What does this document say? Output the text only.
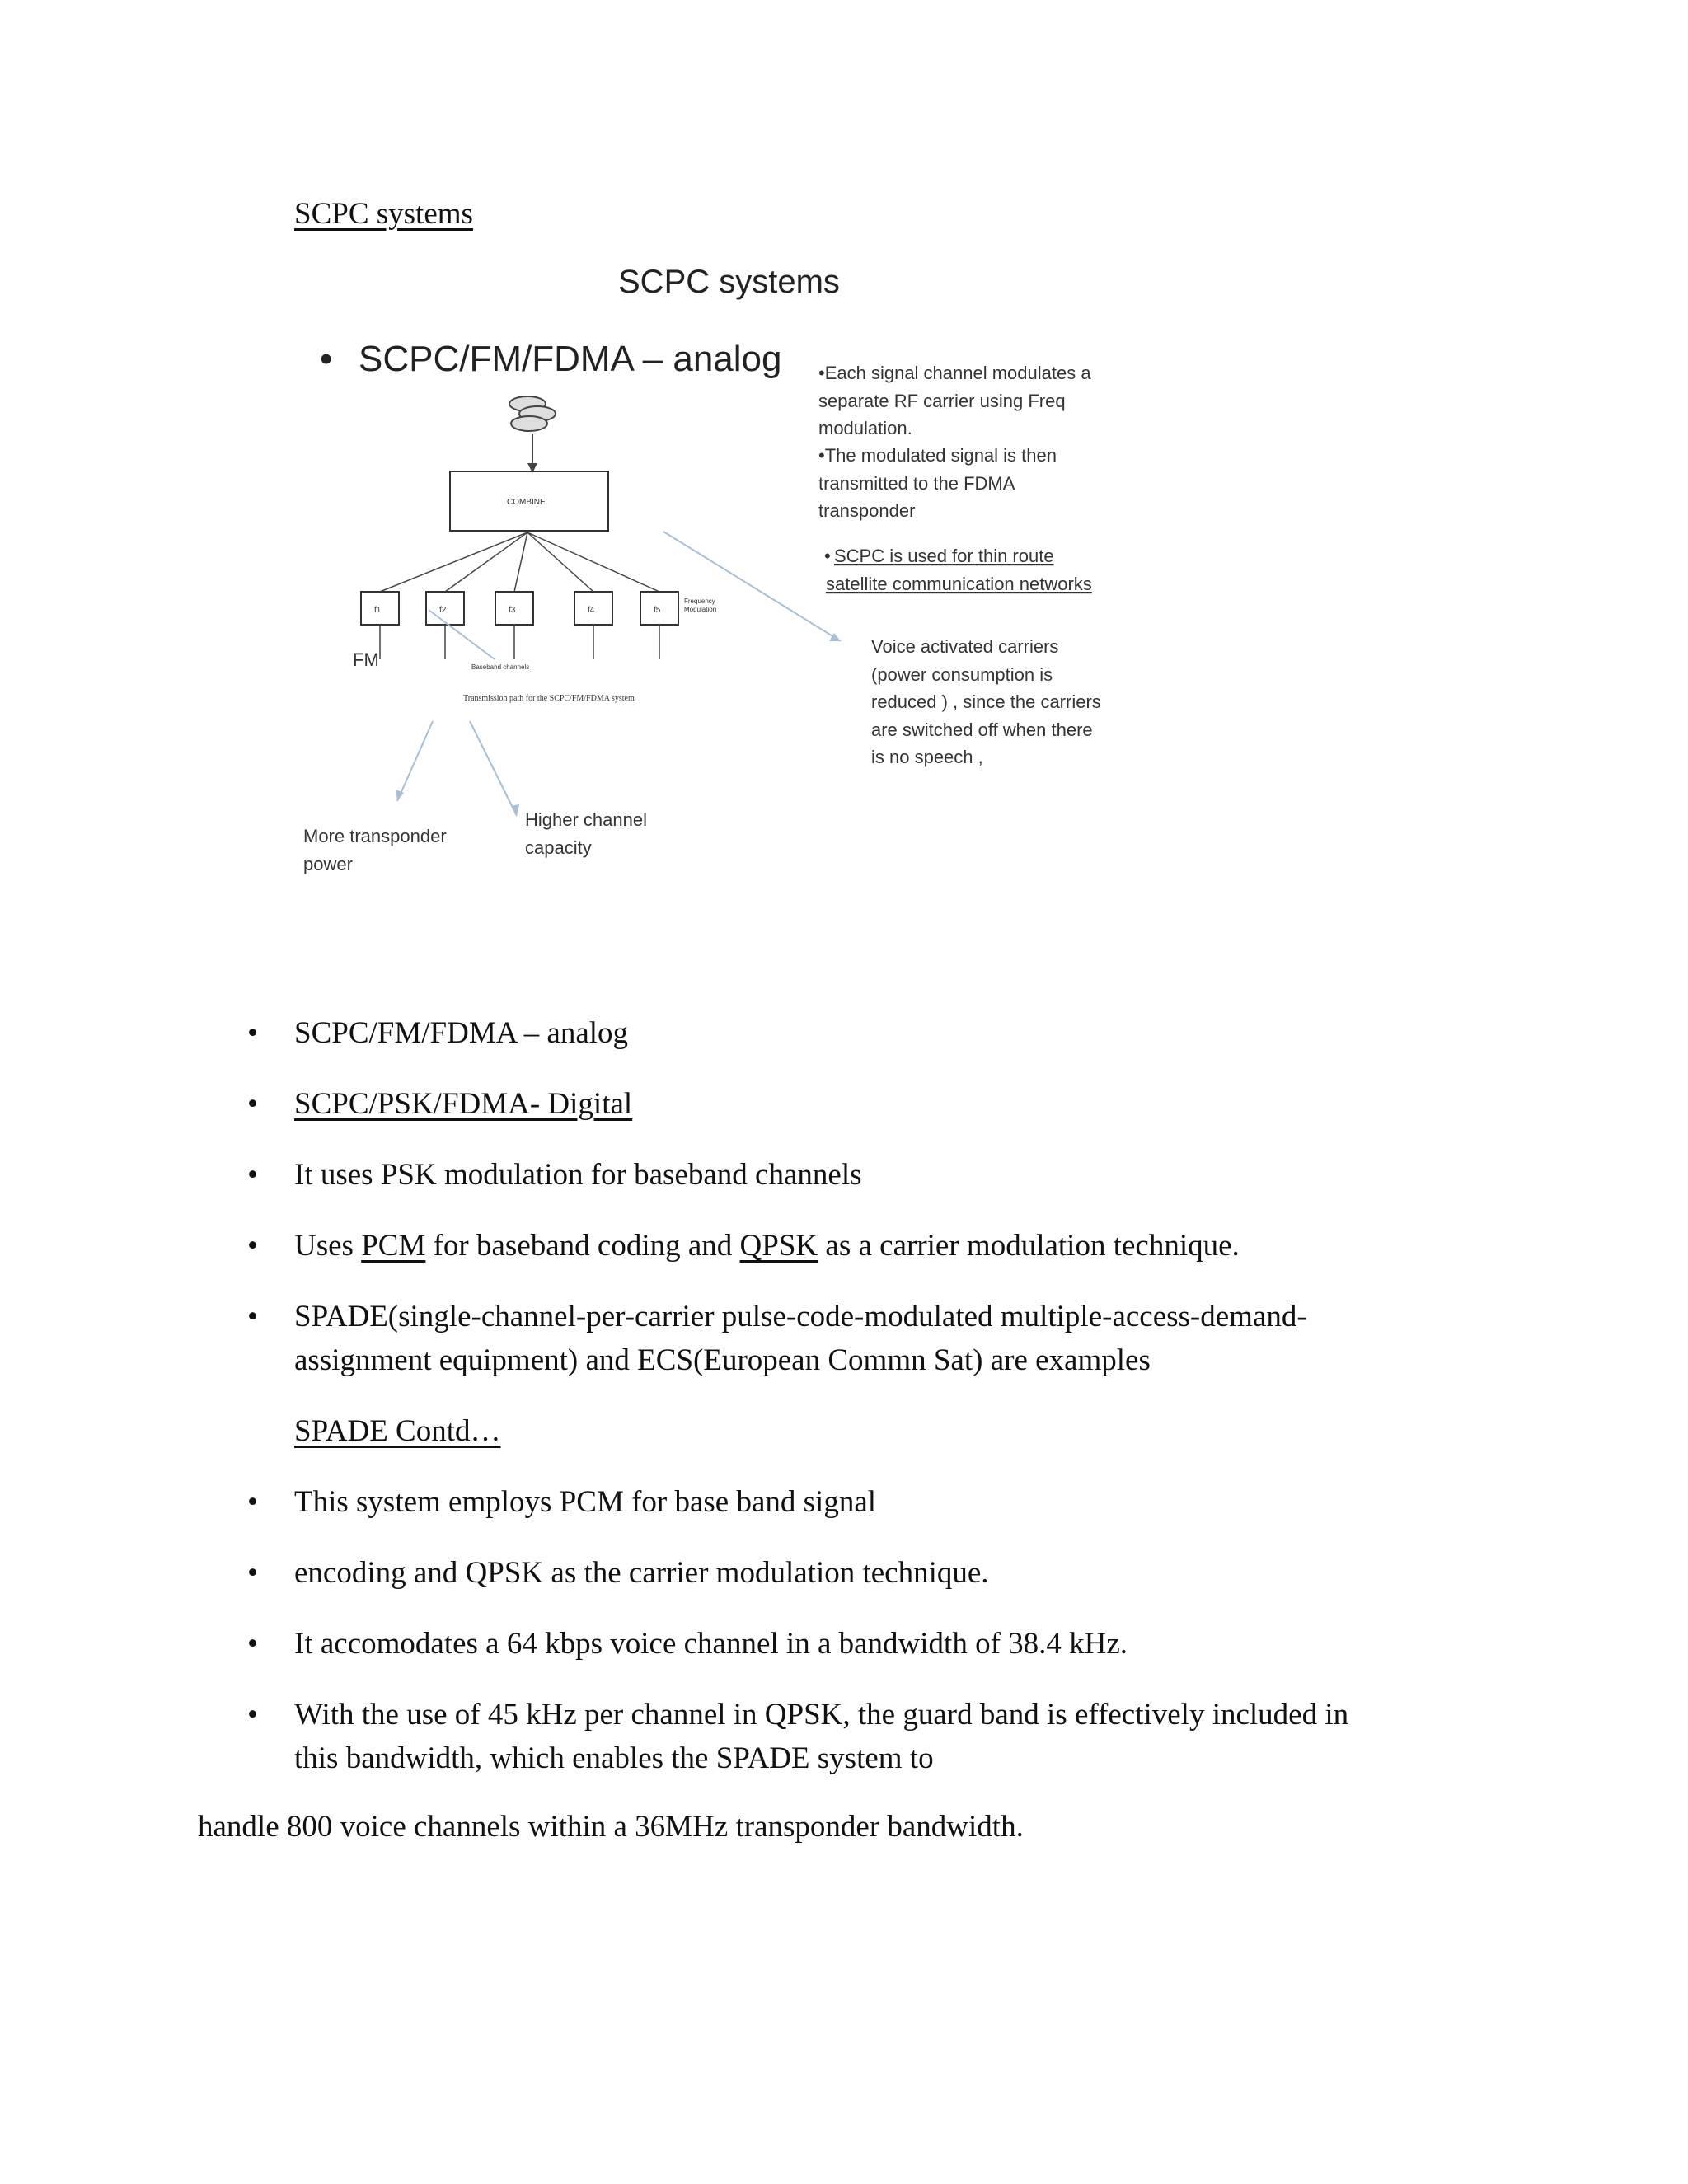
SCPC systems
SCPC systems
• SCPC/FM/FDMA – analog
COMBINE
f1	f2	f3	f4	f5
Frequency
Modulation
FM	Baseband channels
Transmission path for the SCPC/FM/FDMA system
•Each signal channel modulates a
separate RF carrier using Freq
modulation.
•The modulated signal is then
transmitted to the FDMA
transponder
• SCPC is used for thin route
satellite communication networks
Voice activated carriers
(power consumption is
reduced ) , since the carriers
are switched off when there
is no speech ,
More transponder
power
Higher channel
capacity
• SCPC/FM/FDMA – analog
• SCPC/PSK/FDMA- Digital
• It uses PSK modulation for baseband channels
• Uses PCM for baseband coding and QPSK as a carrier modulation technique.
• SPADE(single-channel-per-carrier pulse-code-modulated multiple-access-demand-
assignment equipment) and ECS(European Commn Sat) are examples
SPADE Contd…
• This system employs PCM for base band signal
• encoding and QPSK as the carrier modulation technique.
• It accomodates a 64 kbps voice channel in a bandwidth of 38.4 kHz.
• With the use of 45 kHz per channel in QPSK, the guard band is effectively included in
this bandwidth, which enables the SPADE system to
handle 800 voice channels within a 36MHz transponder bandwidth.
